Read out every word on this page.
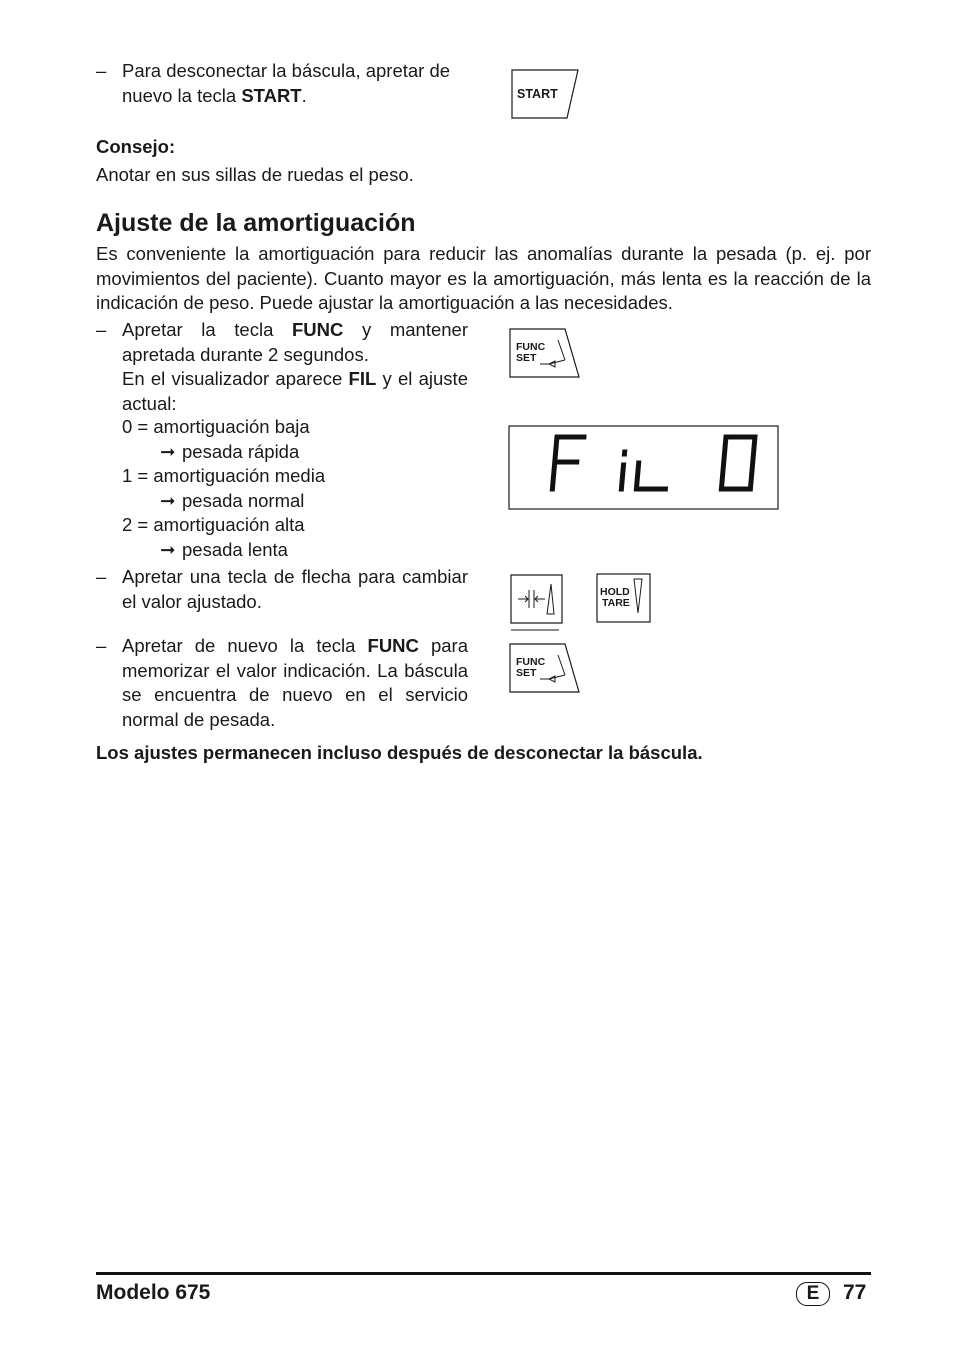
– Para desconectar la báscula, apretar de nuevo la tecla START.	START
Consejo:
Anotar en sus sillas de ruedas el peso.
Ajuste de la amortiguación
Es conveniente la amortiguación para reducir las anomalías durante la pesada (p. ej. por movimientos del paciente). Cuanto mayor es la amortiguación, más lenta es la reacción de la indicación de peso. Puede ajustar la amortiguación a las necesidades.
– Apretar la tecla FUNC y mantener apretada durante 2 segundos.
En el visualizador aparece FIL y el ajuste actual:
0 = amortiguación baja
➞ pesada rápida
1 = amortiguación media
➞ pesada normal
2 = amortiguación alta
➞ pesada lenta
– Apretar una tecla de flecha para cambiar el valor ajustado.
– Apretar de nuevo la tecla FUNC para memorizar el valor indicación. La báscula se encuentra de nuevo en el servicio normal de pesada.
FUNC
SET
HOLD
TARE
FUNC
SET
Los ajustes permanecen incluso después de desconectar la báscula.
Modelo 675	E	77
